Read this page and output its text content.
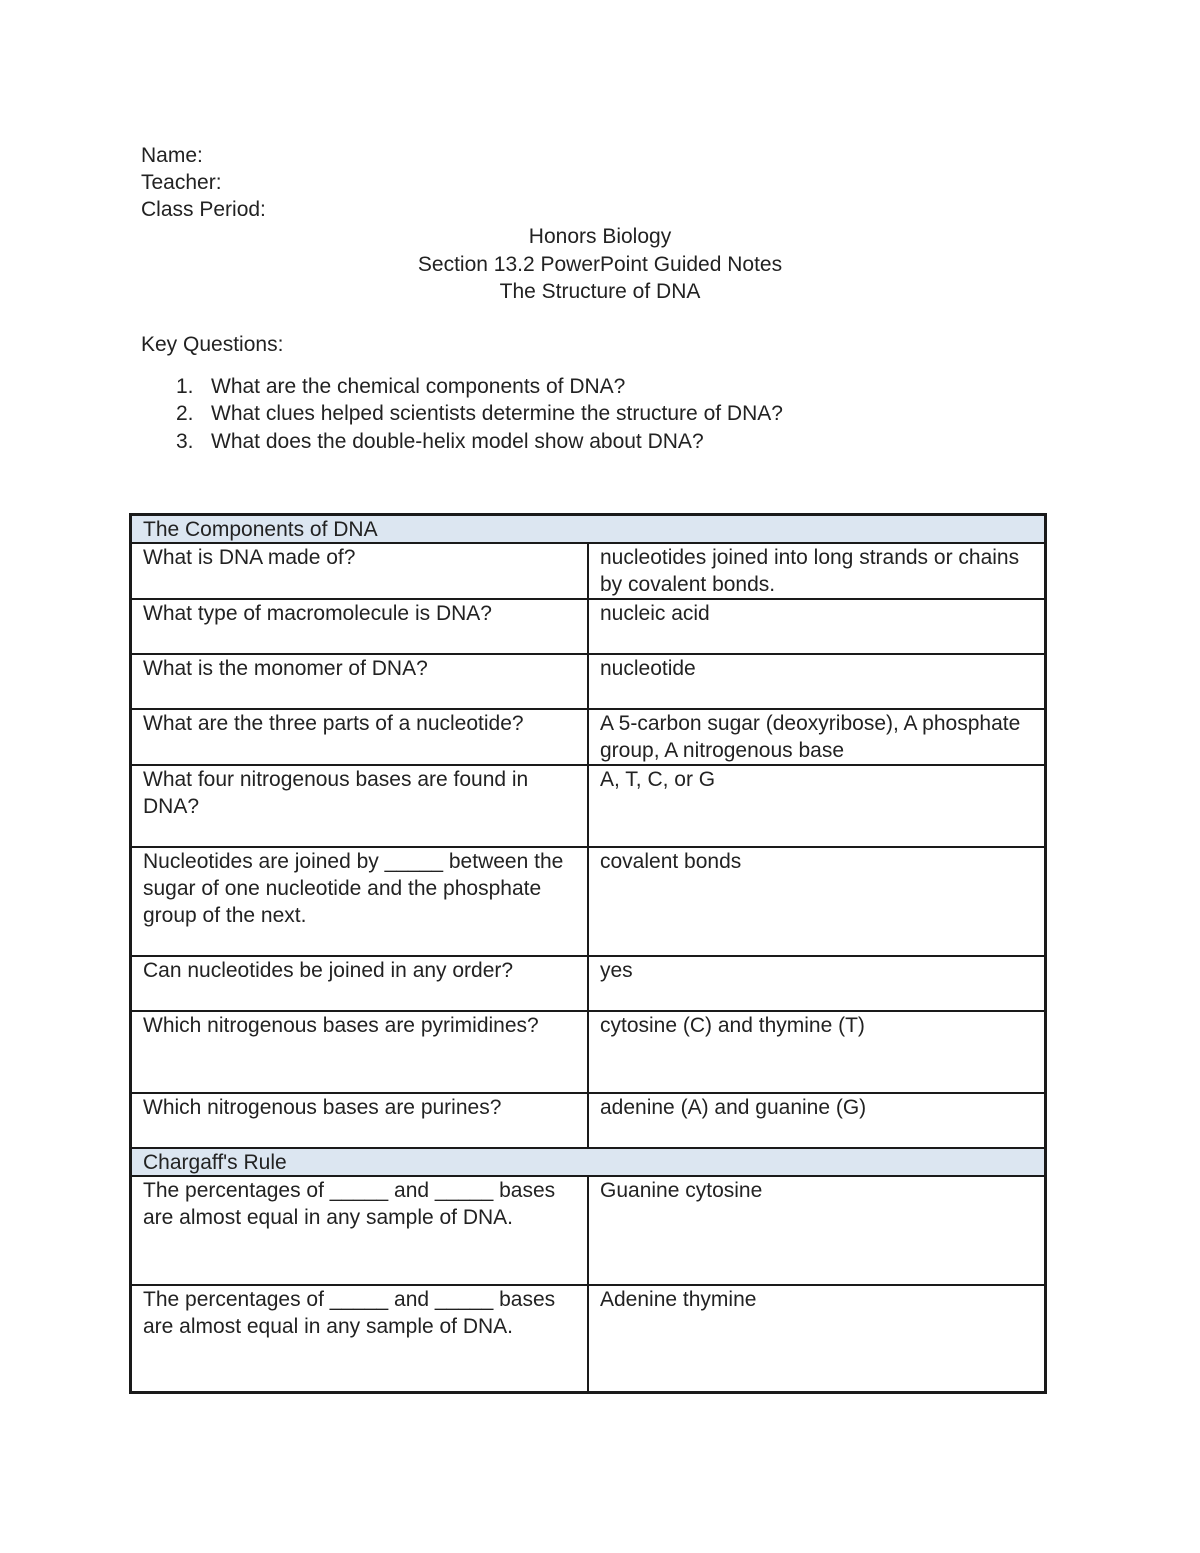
Name:
Teacher:
Class Period:
Honors Biology
Section 13.2 PowerPoint Guided Notes
The Structure of DNA
Key Questions:
1. What are the chemical components of DNA?
2. What clues helped scientists determine the structure of DNA?
3. What does the double-helix model show about DNA?
The Components of DNA	
What is DNA made of?	nucleotides joined into long strands or chains by covalent bonds.
What type of macromolecule is DNA?	nucleic acid
What is the monomer of DNA?	nucleotide
What are the three parts of a nucleotide?	A 5-carbon sugar (deoxyribose), A phosphate group, A nitrogenous base
What four nitrogenous bases are found in DNA?	A, T, C, or G
Nucleotides are joined by _____ between the sugar of one nucleotide and the phosphate group of the next.	covalent bonds
Can nucleotides be joined in any order?	yes
Which nitrogenous bases are pyrimidines?	cytosine (C) and thymine (T)
Which nitrogenous bases are purines?	adenine (A) and guanine (G)
Chargaff's Rule	
The percentages of _____ and _____ bases are almost equal in any sample of DNA.	Guanine cytosine
The percentages of _____ and _____ bases are almost equal in any sample of DNA.	Adenine thymine
